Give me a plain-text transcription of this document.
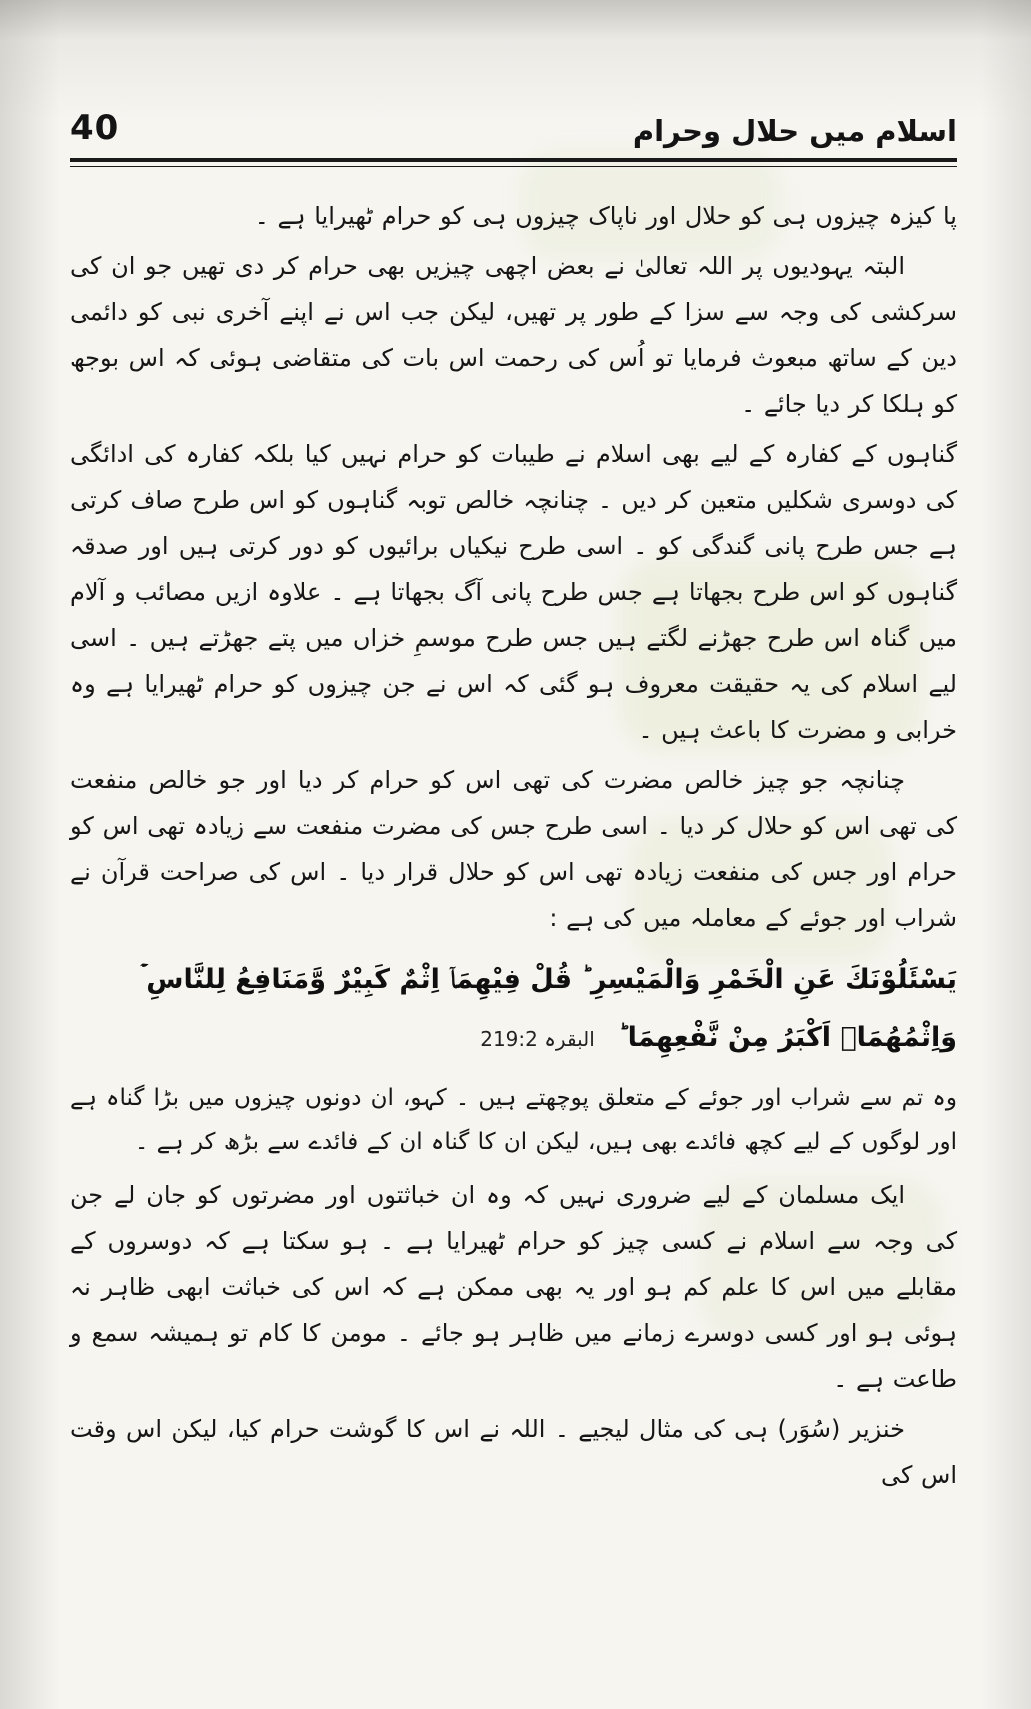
40	اسلام میں حلال وحرام

پا کیزہ چیزوں ہی کو حلال اور ناپاک چیزوں ہی کو حرام ٹھیرایا ہے ۔

البتہ یہودیوں پر اللہ تعالیٰ نے بعض اچھی چیزیں بھی حرام کر دی تھیں جو ان کی سرکشی کی وجہ سے سزا کے طور پر تھیں، لیکن جب اس نے اپنے آخری نبی کو دائمی دین کے ساتھ مبعوث فرمایا تو اُس کی رحمت اس بات کی متقاضی ہوئی کہ اس بوجھ کو ہلکا کر دیا جائے ۔

گناہوں کے کفارہ کے لیے بھی اسلام نے طیبات کو حرام نہیں کیا بلکہ کفارہ کی ادائگی کی دوسری شکلیں متعین کر دیں ۔ چنانچہ خالص توبہ گناہوں کو اس طرح صاف کرتی ہے جس طرح پانی گندگی کو ۔ اسی طرح نیکیاں برائیوں کو دور کرتی ہیں اور صدقہ گناہوں کو اس طرح بجھاتا ہے جس طرح پانی آگ بجھاتا ہے ۔ علاوہ ازیں مصائب و آلام میں گناہ اس طرح جھڑنے لگتے ہیں جس طرح موسمِ خزاں میں پتے جھڑتے ہیں ۔ اسی لیے اسلام کی یہ حقیقت معروف ہو گئی کہ اس نے جن چیزوں کو حرام ٹھیرایا ہے وہ خرابی و مضرت کا باعث ہیں ۔

چنانچہ جو چیز خالص مضرت کی تھی اس کو حرام کر دیا اور جو خالص منفعت کی تھی اس کو حلال کر دیا ۔ اسی طرح جس کی مضرت منفعت سے زیادہ تھی اس کو حرام اور جس کی منفعت زیادہ تھی اس کو حلال قرار دیا ۔ اس کی صراحت قرآن نے شراب اور جوئے کے معاملہ میں کی ہے :

يَسْئَلُوْنَكَ عَنِ الْخَمْرِ وَالْمَيْسِرِ ؕ قُلْ فِيْهِمَاۤ اِثْمٌ كَبِيْرٌ وَّمَنَافِعُ لِلنَّاسِ ۡ
وَاِثْمُهُمَاۤ اَكْبَرُ مِنْ نَّفْعِهِمَا ؕ البقرہ 219:2

وہ تم سے شراب اور جوئے کے متعلق پوچھتے ہیں ۔ کہو، ان دونوں چیزوں میں بڑا گناہ ہے اور لوگوں کے لیے کچھ فائدے بھی ہیں، لیکن ان کا گناہ ان کے فائدے سے بڑھ کر ہے ۔

ایک مسلمان کے لیے ضروری نہیں کہ وہ ان خباثتوں اور مضرتوں کو جان لے جن کی وجہ سے اسلام نے کسی چیز کو حرام ٹھیرایا ہے ۔ ہو سکتا ہے کہ دوسروں کے مقابلے میں اس کا علم کم ہو اور یہ بھی ممکن ہے کہ اس کی خباثت ابھی ظاہر نہ ہوئی ہو اور کسی دوسرے زمانے میں ظاہر ہو جائے ۔ مومن کا کام تو ہمیشہ سمع و طاعت ہے ۔

خنزیر (سُوَر) ہی کی مثال لیجیے ۔ اللہ نے اس کا گوشت حرام کیا، لیکن اس وقت اس کی
